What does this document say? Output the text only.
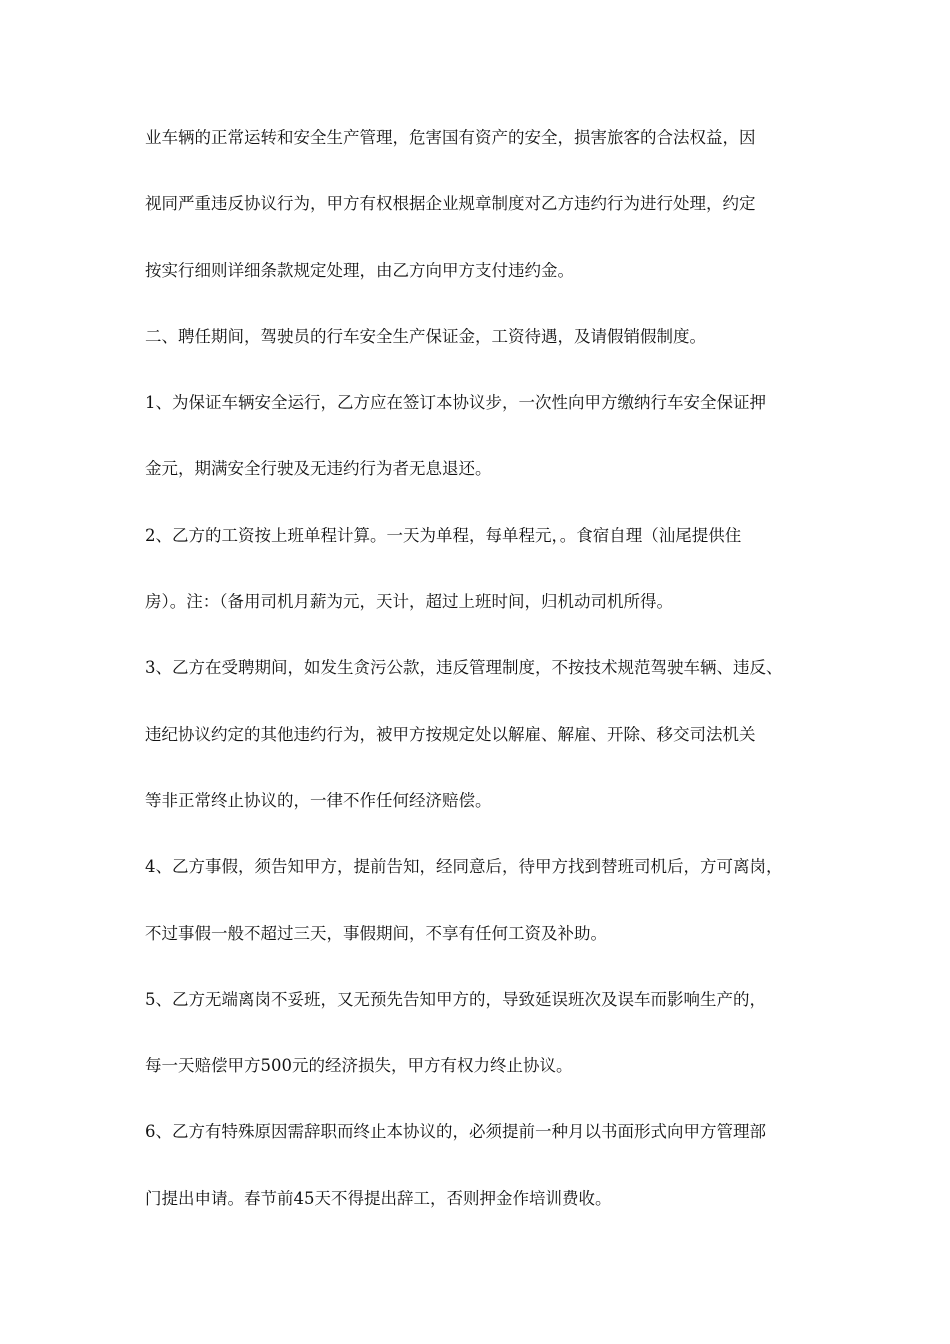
业车辆的正常运转和安全生产管理，危害国有资产的安全，损害旅客的合法权益，因
视同严重违反协议行为，甲方有权根据企业规章制度对乙方违约行为进行处理，约定
按实行细则详细条款规定处理，由乙方向甲方支付违约金。
二、聘任期间，驾驶员的行车安全生产保证金，工资待遇，及请假销假制度。
1、为保证车辆安全运行，乙方应在签订本协议步，一次性向甲方缴纳行车安全保证押
金元，期满安全行驶及无违约行为者无息退还。
2、乙方的工资按上班单程计算。一天为单程，每单程元，。食宿自理（汕尾提供住
房）。注：（备用司机月薪为元，天计，超过上班时间，归机动司机所得。
3、乙方在受聘期间，如发生贪污公款，违反管理制度，不按技术规范驾驶车辆、违反、
违纪协议约定的其他违约行为，被甲方按规定处以解雇、解雇、开除、移交司法机关
等非正常终止协议的，一律不作任何经济赔偿。
4、乙方事假，须告知甲方，提前告知，经同意后，待甲方找到替班司机后，方可离岗，
不过事假一般不超过三天，事假期间，不享有任何工资及补助。
5、乙方无端离岗不妥班，又无预先告知甲方的，导致延误班次及误车而影响生产的，
每一天赔偿甲方500元的经济损失，甲方有权力终止协议。
6、乙方有特殊原因需辞职而终止本协议的，必须提前一种月以书面形式向甲方管理部
门提出申请。春节前45天不得提出辞工，否则押金作培训费收。
